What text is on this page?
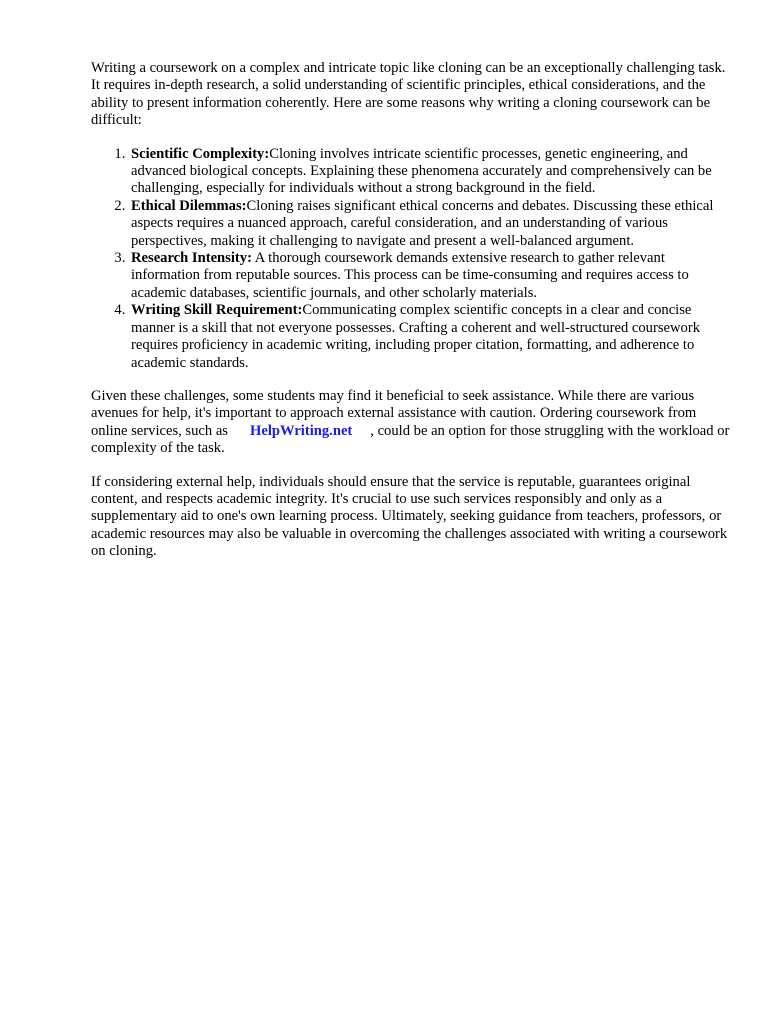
Writing a coursework on a complex and intricate topic like cloning can be an exceptionally challenging task. It requires in-depth research, a solid understanding of scientific principles, ethical considerations, and the ability to present information coherently. Here are some reasons why writing a cloning coursework can be difficult:

1. Scientific Complexity:Cloning involves intricate scientific processes, genetic engineering, and advanced biological concepts. Explaining these phenomena accurately and comprehensively can be challenging, especially for individuals without a strong background in the field.
2. Ethical Dilemmas:Cloning raises significant ethical concerns and debates. Discussing these ethical aspects requires a nuanced approach, careful consideration, and an understanding of various perspectives, making it challenging to navigate and present a well-balanced argument.
3. Research Intensity: A thorough coursework demands extensive research to gather relevant information from reputable sources. This process can be time-consuming and requires access to academic databases, scientific journals, and other scholarly materials.
4. Writing Skill Requirement:Communicating complex scientific concepts in a clear and concise manner is a skill that not everyone possesses. Crafting a coherent and well-structured coursework requires proficiency in academic writing, including proper citation, formatting, and adherence to academic standards.

Given these challenges, some students may find it beneficial to seek assistance. While there are various avenues for help, it's important to approach external assistance with caution. Ordering coursework from online services, such as HelpWriting.net , could be an option for those struggling with the workload or complexity of the task.

If considering external help, individuals should ensure that the service is reputable, guarantees original content, and respects academic integrity. It's crucial to use such services responsibly and only as a supplementary aid to one's own learning process. Ultimately, seeking guidance from teachers, professors, or academic resources may also be valuable in overcoming the challenges associated with writing a coursework on cloning.
